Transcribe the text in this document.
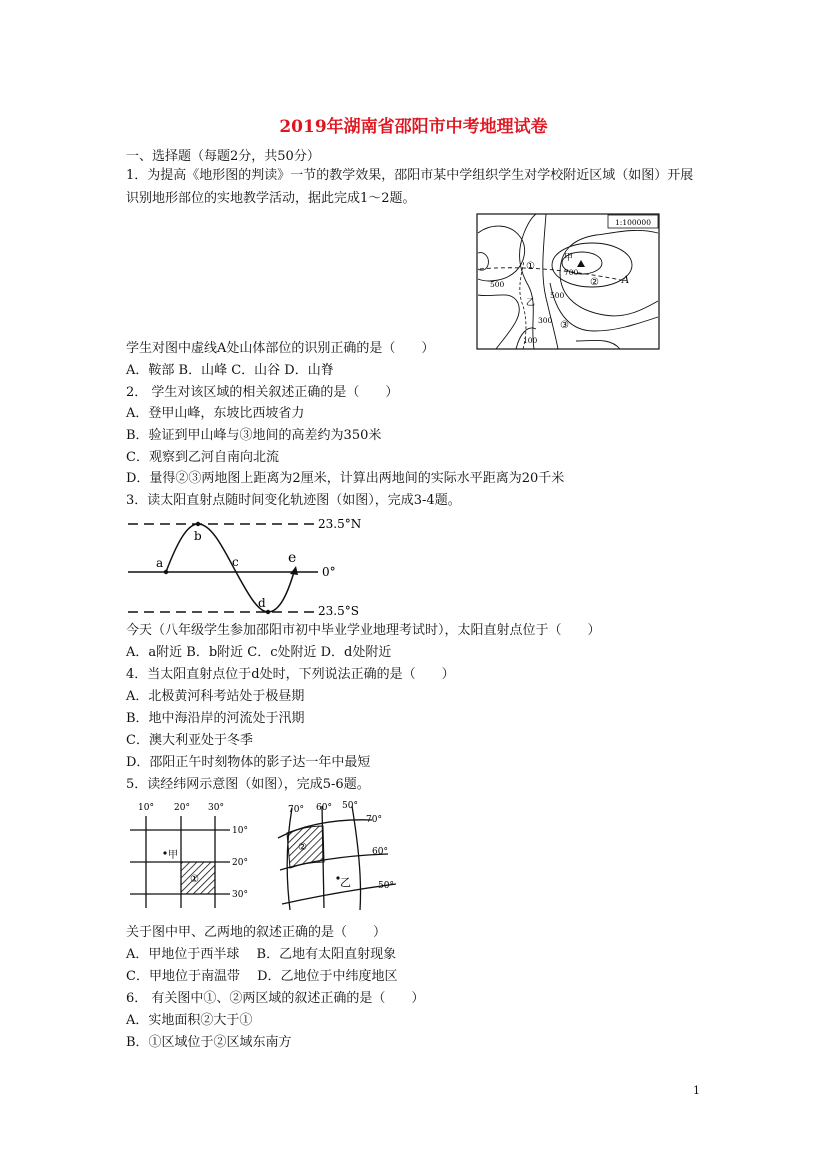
2019年湖南省邵阳市中考地理试卷
一、选择题（每题2分，共50分）
1．为提高《地形图的判读》一节的教学效果，邵阳市某中学组织学生对学校附近区域（如图）开展识别地形部位的实地教学活动，据此完成1～2题。
1:100000
甲
700
①
② A
500
500
乙
300 ③
100
学生对图中虚线A处山体部位的识别正确的是（　　）
A．鞍部 B．山峰 C．山谷 D．山脊
2． 学生对该区域的相关叙述正确的是（　　）
A．登甲山峰，东坡比西坡省力
B．验证到甲山峰与③地间的高差约为350米
C．观察到乙河自南向北流
D．量得②③两地图上距离为2厘米，计算出两地间的实际水平距离为20千米
3．读太阳直射点随时间变化轨迹图（如图），完成3-4题。
23.5°N
0°
23.5°S
a
b
c
d
e
今天（八年级学生参加邵阳市初中毕业学业地理考试时），太阳直射点位于（　　）
A．a附近 B．b附近 C．c处附近 D．d处附近
4．当太阳直射点位于d处时，下列说法正确的是（　　）
A．北极黄河科考站处于极昼期
B．地中海沿岸的河流处于汛期
C．澳大利亚处于冬季
D．邵阳正午时刻物体的影子达一年中最短
5．读经纬网示意图（如图），完成5-6题。
10° 20° 30°
10°
20°
30°
甲
①
70° 60° 50°
70°
60°
50°
②
乙
关于图中甲、乙两地的叙述正确的是（　　）
A．甲地位于西半球　 B．乙地有太阳直射现象
C．甲地位于南温带　 D．乙地位于中纬度地区
6． 有关图中①、②两区域的叙述正确的是（　　）
A．实地面积②大于①
B．①区域位于②区域东南方
1
